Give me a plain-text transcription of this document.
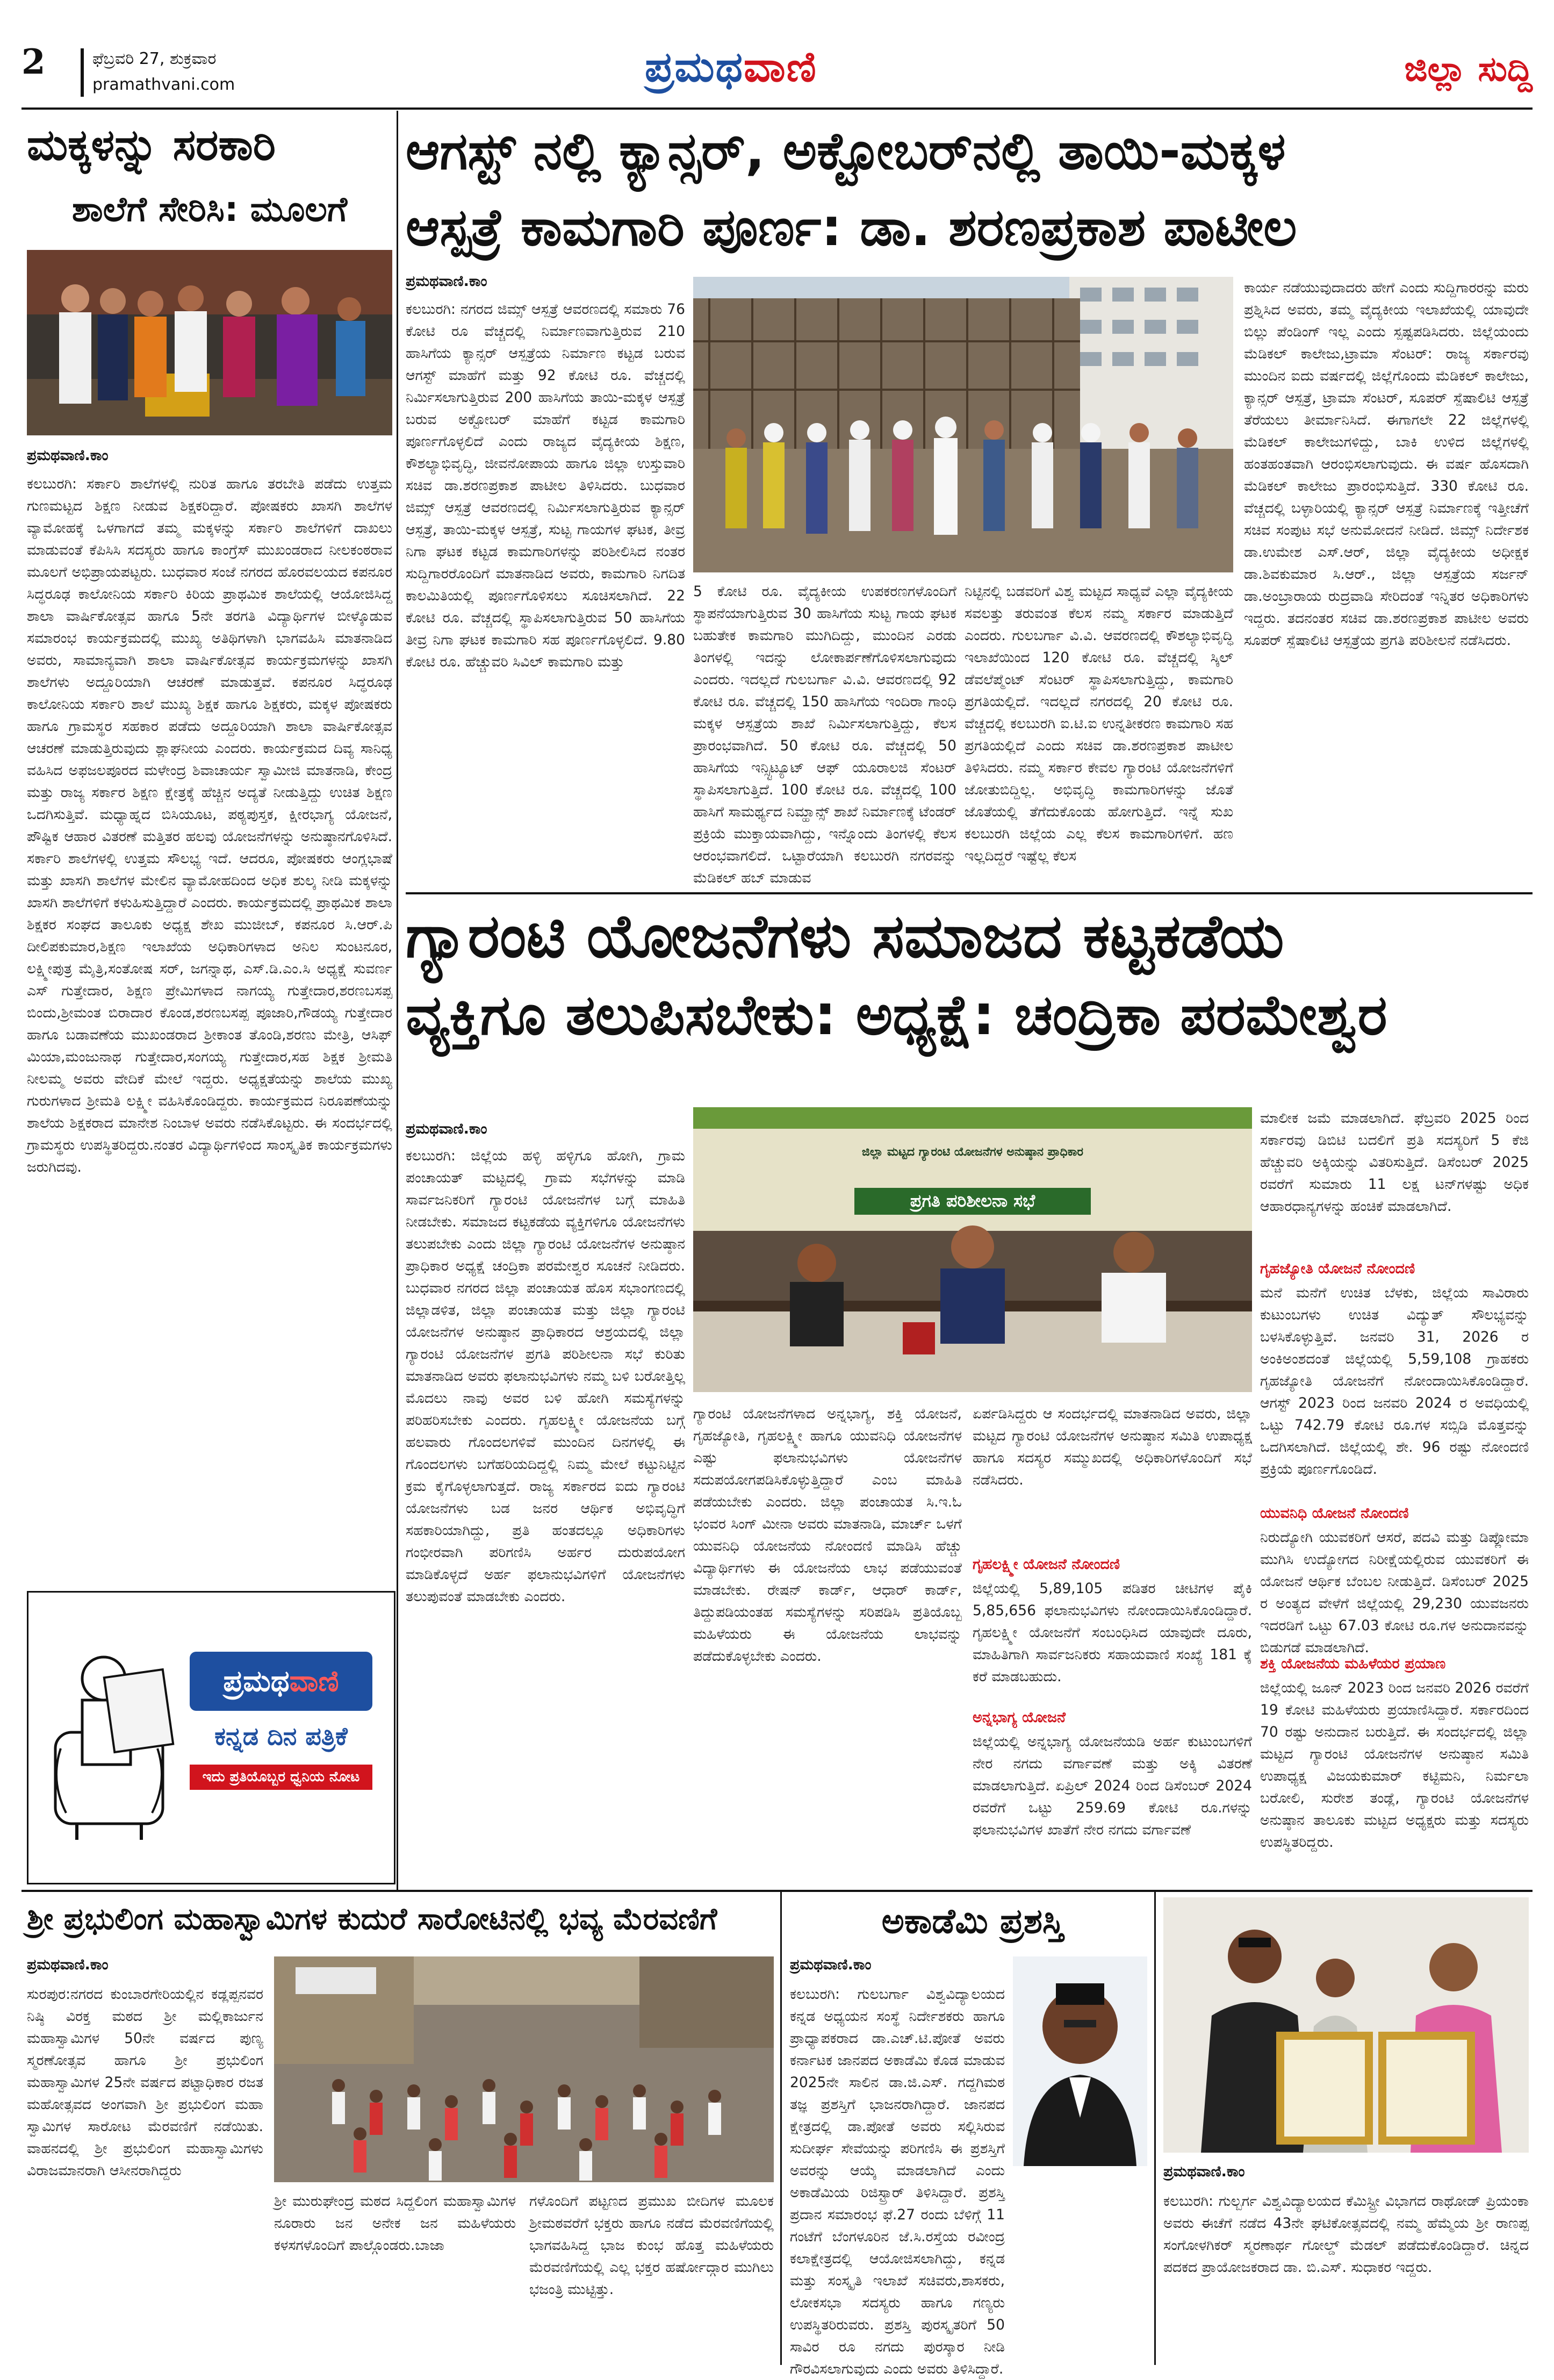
2	ಫೆಬ್ರವರಿ 27, ಶುಕ್ರವಾರ
pramathvani.com	ಪ್ರಮಥವಾಣಿ	ಜಿಲ್ಲಾ ಸುದ್ದಿ
ಮಕ್ಕಳನ್ನು ಸರಕಾರಿ
ಶಾಲೆಗೆ ಸೇರಿಸಿ: ಮೂಲಗೆ
ಪ್ರಮಥವಾಣಿ.ಕಾಂ
ಕಲಬುರಗಿ: ಸರ್ಕಾರಿ ಶಾಲೆಗಳಲ್ಲಿ ನುರಿತ ಹಾಗೂ ತರಬೇತಿ ಪಡೆದು ಉತ್ತಮ ಗುಣಮಟ್ಟದ ಶಿಕ್ಷಣ ನೀಡುವ ಶಿಕ್ಷಕರಿದ್ದಾರೆ. ಪೋಷಕರು ಖಾಸಗಿ ಶಾಲೆಗಳ ವ್ಯಾಮೋಹಕ್ಕೆ ಒಳಗಾಗದೆ ತಮ್ಮ ಮಕ್ಕಳನ್ನು ಸರ್ಕಾರಿ ಶಾಲೆಗಳಿಗೆ ದಾಖಲು ಮಾಡುವಂತೆ ಕೆಪಿಸಿಸಿ ಸದಸ್ಯರು ಹಾಗೂ ಕಾಂಗ್ರೆಸ್ ಮುಖಂಡರಾದ ನೀಲಕಂಠರಾವ ಮೂಲಗೆ ಅಭಿಪ್ರಾಯಪಟ್ಟರು. ಬುಧವಾರ ಸಂಜೆ ನಗರದ ಹೊರವಲಯದ ಕಪನೂರ ಸಿದ್ಧರೂಢ ಕಾಲೋನಿಯ ಸರ್ಕಾರಿ ಕಿರಿಯ ಪ್ರಾಥಮಿಕ ಶಾಲೆಯಲ್ಲಿ ಆಯೋಜಿಸಿದ್ದ ಶಾಲಾ ವಾರ್ಷಿಕೋತ್ಸವ ಹಾಗೂ 5ನೇ ತರಗತಿ ವಿದ್ಯಾರ್ಥಿಗಳ ಬೀಳ್ಕೊಡುವ ಸಮಾರಂಭ ಕಾರ್ಯಕ್ರಮದಲ್ಲಿ ಮುಖ್ಯ ಅತಿಥಿಗಳಾಗಿ ಭಾಗವಹಿಸಿ ಮಾತನಾಡಿದ ಅವರು, ಸಾಮಾನ್ಯವಾಗಿ ಶಾಲಾ ವಾರ್ಷಿಕೋತ್ಸವ ಕಾರ್ಯಕ್ರಮಗಳನ್ನು ಖಾಸಗಿ ಶಾಲೆಗಳು ಅದ್ದೂರಿಯಾಗಿ ಆಚರಣೆ ಮಾಡುತ್ತವೆ. ಕಪನೂರ ಸಿದ್ಧರೂಢ ಕಾಲೋನಿಯ ಸರ್ಕಾರಿ ಶಾಲೆ ಮುಖ್ಯ ಶಿಕ್ಷಕ ಹಾಗೂ ಶಿಕ್ಷಕರು, ಮಕ್ಕಳ ಪೋಷಕರು ಹಾಗೂ ಗ್ರಾಮಸ್ಥರ ಸಹಕಾರ ಪಡೆದು ಅದ್ದೂರಿಯಾಗಿ ಶಾಲಾ ವಾರ್ಷಿಕೋತ್ಸವ ಆಚರಣೆ ಮಾಡುತ್ತಿರುವುದು ಶ್ಲಾಘನೀಯ ಎಂದರು. ಕಾರ್ಯಕ್ರಮದ ದಿವ್ಯ ಸಾನಿಧ್ಯ ವಹಿಸಿದ ಅಫಜಲಪೂರದ ಮಳೇಂದ್ರ ಶಿವಾಚಾರ್ಯ ಸ್ವಾಮೀಜಿ ಮಾತನಾಡಿ, ಕೇಂದ್ರ ಮತ್ತು ರಾಜ್ಯ ಸರ್ಕಾರ ಶಿಕ್ಷಣ ಕ್ಷೇತ್ರಕ್ಕೆ ಹೆಚ್ಚಿನ ಅದ್ಯತೆ ನೀಡುತ್ತಿದ್ದು ಉಚಿತ ಶಿಕ್ಷಣ ಒದಗಿಸುತ್ತಿವೆ. ಮಧ್ಯಾಹ್ನದ ಬಿಸಿಯೂಟ, ಪಠ್ಯಪುಸ್ತಕ, ಕ್ಷೀರಭಾಗ್ಯ ಯೋಜನೆ, ಪೌಷ್ಟಿಕ ಆಹಾರ ವಿತರಣೆ ಮತ್ತಿತರ ಹಲವು ಯೋಜನೆಗಳನ್ನು ಅನುಷ್ಠಾನಗೊಳಿಸಿದೆ. ಸರ್ಕಾರಿ ಶಾಲೆಗಳಲ್ಲಿ ಉತ್ತಮ ಸೌಲಭ್ಯ ಇದೆ. ಆದರೂ, ಪೋಷಕರು ಆಂಗ್ಲಭಾಷೆ ಮತ್ತು ಖಾಸಗಿ ಶಾಲೆಗಳ ಮೇಲಿನ ವ್ಯಾಮೋಹದಿಂದ ಅಧಿಕ ಶುಲ್ಕ ನೀಡಿ ಮಕ್ಕಳನ್ನು ಖಾಸಗಿ ಶಾಲೆಗಳಿಗೆ ಕಳುಹಿಸುತ್ತಿದ್ದಾರೆ ಎಂದರು. ಕಾರ್ಯಕ್ರಮದಲ್ಲಿ ಪ್ರಾಥಮಿಕ ಶಾಲಾ ಶಿಕ್ಷಕರ ಸಂಘದ ತಾಲೂಕು ಅಧ್ಯಕ್ಷ ಶೇಖ ಮುಜೀಬ್, ಕಪನೂರ ಸಿ.ಆರ್.ಪಿ ದೀಲಿಪಕುಮಾರ,ಶಿಕ್ಷಣ ಇಲಾಖೆಯ ಅಧಿಕಾರಿಗಳಾದ ಅನಿಲ ಸುಂಟನೂರ, ಲಕ್ಷ್ಮೀಪುತ್ರ ಮೈತ್ರಿ,ಸಂತೋಷ ಸರ್, ಜಗನ್ನಾಥ, ಎಸ್.ಡಿ.ಎಂ.ಸಿ ಅಧ್ಯಕ್ಷೆ ಸುವರ್ಣ ಎಸ್ ಗುತ್ತೇದಾರ, ಶಿಕ್ಷಣ ಪ್ರೇಮಿಗಳಾದ ನಾಗಯ್ಯ ಗುತ್ತೇದಾರ,ಶರಣಬಸಪ್ಪ ಬಿಂದು,ಶ್ರೀಮಂತ ಬಿರಾದಾರ ಕೊಂಡ,ಶರಣಬಸಪ್ಪ ಪೂಜಾರಿ,ಗೌಡಯ್ಯ ಗುತ್ತೇದಾರ ಹಾಗೂ ಬಡಾವಣೆಯ ಮುಖಂಡರಾದ ಶ್ರೀಕಾಂತ ತೊಂಡಿ,ಶರಣು ಮೇತ್ರಿ, ಆಸಿಫ್ ಮಿಯಾ,ಮಂಜುನಾಥ ಗುತ್ತೇದಾರ,ಸಂಗಯ್ಯ ಗುತ್ತೇದಾರ,ಸಹ ಶಿಕ್ಷಕ ಶ್ರೀಮತಿ ನೀಲಮ್ಮ ಅವರು ವೇದಿಕೆ ಮೇಲೆ ಇದ್ದರು. ಅಧ್ಯಕ್ಷತೆಯನ್ನು ಶಾಲೆಯ ಮುಖ್ಯ ಗುರುಗಳಾದ ಶ್ರೀಮತಿ ಲಕ್ಷ್ಮೀ ವಹಿಸಿಕೊಂಡಿದ್ದರು. ಕಾರ್ಯಕ್ರಮದ ನಿರೂಪಣೆಯನ್ನು ಶಾಲೆಯ ಶಿಕ್ಷಕರಾದ ಮಾನೇಶ ನಿಂಬಾಳ ಅವರು ನಡೆಸಿಕೊಟ್ಟರು. ಈ ಸಂದರ್ಭದಲ್ಲಿ ಗ್ರಾಮಸ್ಥರು ಉಪಸ್ಥಿತರಿದ್ದರು.ನಂತರ ವಿದ್ಯಾರ್ಥಿಗಳಿಂದ ಸಾಂಸ್ಕೃತಿಕ ಕಾರ್ಯಕ್ರಮಗಳು ಜರುಗಿದವು.
ಪ್ರಮಥವಾಣಿ
ಕನ್ನಡ ದಿನ ಪತ್ರಿಕೆ
ಇದು ಪ್ರತಿಯೊಬ್ಬರ ಧ್ವನಿಯ ನೋಟ
ಆಗಸ್ಟ್ ನಲ್ಲಿ ಕ್ಯಾನ್ಸರ್, ಅಕ್ಟೋಬರ್‌ನಲ್ಲಿ ತಾಯಿ-ಮಕ್ಕಳ
ಆಸ್ಪತ್ರೆ ಕಾಮಗಾರಿ ಪೂರ್ಣ: ಡಾ. ಶರಣಪ್ರಕಾಶ ಪಾಟೀಲ
ಪ್ರಮಥವಾಣಿ.ಕಾಂ
ಕಲಬುರಗಿ: ನಗರದ ಜಿಮ್ಸ್ ಆಸ್ಪತ್ರೆ ಆವರಣದಲ್ಲಿ ಸಮಾರು 76 ಕೋಟಿ ರೂ ವೆಚ್ಚದಲ್ಲಿ ನಿರ್ಮಾಣವಾಗುತ್ತಿರುವ 210 ಹಾಸಿಗೆಯ ಕ್ಯಾನ್ಸರ್ ಆಸ್ಪತ್ರೆಯ ನಿರ್ಮಾಣ ಕಟ್ಟಡ ಬರುವ ಆಗಸ್ಟ್ ಮಾಹೆಗೆ ಮತ್ತು 92 ಕೋಟಿ ರೂ. ವೆಚ್ಚದಲ್ಲಿ ನಿರ್ಮಿಸಲಾಗುತ್ತಿರುವ 200 ಹಾಸಿಗೆಯ ತಾಯಿ-ಮಕ್ಕಳ ಆಸ್ಪತ್ರೆ ಬರುವ ಅಕ್ಟೋಬರ್ ಮಾಹೆಗೆ ಕಟ್ಟಡ ಕಾಮಗಾರಿ ಪೂರ್ಣಗೊಳ್ಳಲಿದೆ ಎಂದು ರಾಜ್ಯದ ವೈದ್ಯಕೀಯ ಶಿಕ್ಷಣ, ಕೌಶಲ್ಯಾಭಿವೃದ್ಧಿ, ಜೀವನೋಪಾಯ ಹಾಗೂ ಜಿಲ್ಲಾ ಉಸ್ತುವಾರಿ ಸಚಿವ ಡಾ.ಶರಣಪ್ರಕಾಶ ಪಾಟೀಲ ತಿಳಿಸಿದರು. ಬುಧವಾರ ಜಿಮ್ಸ್ ಆಸ್ಪತ್ರೆ ಆವರಣದಲ್ಲಿ ನಿರ್ಮಿಸಲಾಗುತ್ತಿರುವ ಕ್ಯಾನ್ಸರ್ ಆಸ್ಪತ್ರೆ, ತಾಯಿ-ಮಕ್ಕಳ ಆಸ್ಪತ್ರೆ, ಸುಟ್ಟ ಗಾಯಗಳ ಘಟಕ, ತೀವ್ರ ನಿಗಾ ಘಟಕ ಕಟ್ಟಡ ಕಾಮಗಾರಿಗಳನ್ನು ಪರಿಶೀಲಿಸಿದ ನಂತರ ಸುದ್ದಿಗಾರರೊಂದಿಗೆ ಮಾತನಾಡಿದ ಅವರು, ಕಾಮಗಾರಿ ನಿಗದಿತ ಕಾಲಮಿತಿಯಲ್ಲಿ ಪೂರ್ಣಗೊಳಿಸಲು ಸೂಚಿಸಲಾಗಿದೆ. 22 ಕೋಟಿ ರೂ. ವೆಚ್ಚದಲ್ಲಿ ಸ್ಥಾಪಿಸಲಾಗುತ್ತಿರುವ 50 ಹಾಸಿಗೆಯ ತೀವ್ರ ನಿಗಾ ಘಟಕ ಕಾಮಗಾರಿ ಸಹ ಪೂರ್ಣಗೊಳ್ಳಲಿದೆ. 9.80 ಕೋಟಿ ರೂ. ಹೆಚ್ಚುವರಿ ಸಿವಿಲ್ ಕಾಮಗಾರಿ ಮತ್ತು
5 ಕೋಟಿ ರೂ. ವೈದ್ಯಕೀಯ ಉಪಕರಣಗಳೊಂದಿಗೆ ಸ್ಥಾಪನೆಯಾಗುತ್ತಿರುವ 30 ಹಾಸಿಗೆಯ ಸುಟ್ಟ ಗಾಯ ಘಟಕ ಬಹುತೇಕ ಕಾಮಗಾರಿ ಮುಗಿದಿದ್ದು, ಮುಂದಿನ ಎರಡು ತಿಂಗಳಲ್ಲಿ ಇದನ್ನು ಲೋಕಾರ್ಪಣೆಗೊಳಿಸಲಾಗುವುದು ಎಂದರು. ಇದಲ್ಲದೆ ಗುಲಬರ್ಗಾ ವಿ.ವಿ. ಆವರಣದಲ್ಲಿ 92 ಕೋಟಿ ರೂ. ವೆಚ್ಚದಲ್ಲಿ 150 ಹಾಸಿಗೆಯ ಇಂದಿರಾ ಗಾಂಧಿ ಮಕ್ಕಳ ಆಸ್ಪತ್ರೆಯ ಶಾಖೆ ನಿರ್ಮಿಸಲಾಗುತ್ತಿದ್ದು, ಕೆಲಸ ಪ್ರಾರಂಭವಾಗಿದೆ. 50 ಕೋಟಿ ರೂ. ವೆಚ್ಚದಲ್ಲಿ 50 ಹಾಸಿಗೆಯ ಇನ್ಸ್ಟಿಟ್ಯೂಟ್ ಆಫ್ ಯೂರಾಲಜಿ ಸೆಂಟರ್ ಸ್ಥಾಪಿಸಲಾಗುತ್ತಿದೆ. 100 ಕೋಟಿ ರೂ. ವೆಚ್ಚದಲ್ಲಿ 100 ಹಾಸಿಗೆ ಸಾಮರ್ಥ್ಯದ ನಿಮ್ಹಾನ್ಸ್ ಶಾಖೆ ನಿರ್ಮಾಣಕ್ಕೆ ಟೆಂಡರ್ ಪ್ರಕ್ರಿಯೆ ಮುಕ್ತಾಯವಾಗಿದ್ದು, ಇನ್ನೊಂದು ತಿಂಗಳಲ್ಲಿ ಕೆಲಸ ಆರಂಭವಾಗಲಿದೆ. ಒಟ್ಟಾರೆಯಾಗಿ ಕಲಬುರಗಿ ನಗರವನ್ನು ಮೆಡಿಕಲ್ ಹಬ್ ಮಾಡುವ
ನಿಟ್ಟಿನಲ್ಲಿ ಬಡವರಿಗೆ ವಿಶ್ವ ಮಟ್ಟದ ಸಾಧ್ಯವೆ ಎಲ್ಲಾ ವೈದ್ಯಕೀಯ ಸವಲತ್ತು ತರುವಂತ ಕೆಲಸ ನಮ್ಮ ಸರ್ಕಾರ ಮಾಡುತ್ತಿದೆ ಎಂದರು. ಗುಲಬರ್ಗಾ ವಿ.ವಿ. ಆವರಣದಲ್ಲಿ ಕೌಶಲ್ಯಾಭಿವೃದ್ಧಿ ಇಲಾಖೆಯಿಂದ 120 ಕೋಟಿ ರೂ. ವೆಚ್ಚದಲ್ಲಿ ಸ್ಕಿಲ್ ಡೆವಲೆಪ್ಮೆಂಟ್ ಸೆಂಟರ್ ಸ್ಥಾಪಿಸಲಾಗುತ್ತಿದ್ದು, ಕಾಮಗಾರಿ ಪ್ರಗತಿಯಲ್ಲಿದೆ. ಇದಲ್ಲದೆ ನಗರದಲ್ಲಿ 20 ಕೋಟಿ ರೂ. ವೆಚ್ಚದಲ್ಲಿ ಕಲಬುರಗಿ ಐ.ಟಿ.ಐ ಉನ್ನತೀಕರಣ ಕಾಮಗಾರಿ ಸಹ ಪ್ರಗತಿಯಲ್ಲಿದೆ ಎಂದು ಸಚಿವ ಡಾ.ಶರಣಪ್ರಕಾಶ ಪಾಟೀಲ ತಿಳಿಸಿದರು. ನಮ್ಮ ಸರ್ಕಾರ ಕೇವಲ ಗ್ಯಾರಂಟಿ ಯೋಜನೆಗಳಿಗೆ ಜೋತುಬಿದ್ದಿಲ್ಲ. ಅಭಿವೃದ್ಧಿ ಕಾಮಗಾರಿಗಳನ್ನು ಜೊತೆ ಜೊತೆಯಲ್ಲಿ ತೆಗೆದುಕೊಂಡು ಹೋಗುತ್ತಿದೆ. ಇನ್ನೆ ಸುಖ ಕಲಬುರಗಿ ಜಿಲ್ಲೆಯ ಎಲ್ಲ ಕೆಲಸ ಕಾಮಗಾರಿಗಳಿಗೆ. ಹಣ ಇಲ್ಲದಿದ್ದರೆ ಇಷ್ಟೆಲ್ಲ ಕೆಲಸ
ಕಾರ್ಯ ನಡೆಯುವುದಾದರು ಹೇಗೆ ಎಂದು ಸುದ್ದಿಗಾರರನ್ನು ಮರು ಪ್ರಶ್ನಿಸಿದ ಅವರು, ತಮ್ಮ ವೈದ್ಯಕೀಯ ಇಲಾಖೆಯಲ್ಲಿ ಯಾವುದೇ ಬಿಲ್ಲು ಪೆಂಡಿಂಗ್ ಇಲ್ಲ ಎಂದು ಸ್ಪಷ್ಟಪಡಿಸಿದರು. ಜಿಲ್ಲೆಯಂದು ಮೆಡಿಕಲ್ ಕಾಲೇಜು,ಟ್ರಾಮಾ ಸೆಂಟರ್: ರಾಜ್ಯ ಸರ್ಕಾರವು ಮುಂದಿನ ಐದು ವರ್ಷದಲ್ಲಿ ಜಿಲ್ಲೆಗೊಂದು ಮೆಡಿಕಲ್ ಕಾಲೇಜು, ಕ್ಯಾನ್ಸರ್ ಆಸ್ಪತ್ರೆ, ಟ್ರಾಮಾ ಸೆಂಟರ್, ಸೂಪರ್ ಸ್ಪೆಷಾಲಿಟಿ ಆಸ್ಪತ್ರೆ ತೆರೆಯಲು ತೀರ್ಮಾನಿಸಿದೆ. ಈಗಾಗಲೇ 22 ಜಿಲ್ಲೆಗಳಲ್ಲಿ ಮೆಡಿಕಲ್ ಕಾಲೇಜುಗಳಿದ್ದು, ಬಾಕಿ ಉಳಿದ ಜಿಲ್ಲೆಗಳಲ್ಲಿ ಹಂತಹಂತವಾಗಿ ಆರಂಭಿಸಲಾಗುವುದು. ಈ ವರ್ಷ ಹೊಸದಾಗಿ ಮೆಡಿಕಲ್ ಕಾಲೇಜು ಪ್ರಾರಂಭಿಸುತ್ತಿದೆ. 330 ಕೋಟಿ ರೂ. ವೆಚ್ಚದಲ್ಲಿ ಬಳ್ಳಾರಿಯಲ್ಲಿ ಕ್ಯಾನ್ಸರ್ ಆಸ್ಪತ್ರೆ ನಿರ್ಮಾಣಕ್ಕೆ ಇತ್ತೀಚೆಗೆ ಸಚಿವ ಸಂಪುಟ ಸಭೆ ಅನುಮೋದನೆ ನೀಡಿದೆ. ಜಿಮ್ಸ್ ನಿರ್ದೇಶಕ ಡಾ.ಉಮೇಶ ಎಸ್.ಆರ್, ಜಿಲ್ಲಾ ವೈದ್ಯಕೀಯ ಅಧೀಕ್ಷಕ ಡಾ.ಶಿವಕುಮಾರ ಸಿ.ಆರ್., ಜಿಲ್ಲಾ ಆಸ್ಪತ್ರೆಯ ಸರ್ಜನ್ ಡಾ.ಅಂಬ್ರಾರಾಯ ರುದ್ರವಾಡಿ ಸೇರಿದಂತೆ ಇನ್ನಿತರ ಅಧಿಕಾರಿಗಳು ಇದ್ದರು. ತದನಂತರ ಸಚಿವ ಡಾ.ಶರಣಪ್ರಕಾಶ ಪಾಟೀಲ ಅವರು ಸೂಪರ್ ಸ್ಪೆಷಾಲಿಟಿ ಆಸ್ಪತ್ರೆಯ ಪ್ರಗತಿ ಪರಿಶೀಲನೆ ನಡೆಸಿದರು.
ಗ್ಯಾರಂಟಿ ಯೋಜನೆಗಳು ಸಮಾಜದ ಕಟ್ಟಕಡೆಯ
ವ್ಯಕ್ತಿಗೂ ತಲುಪಿಸಬೇಕು: ಅಧ್ಯಕ್ಷೆ: ಚಂದ್ರಿಕಾ ಪರಮೇಶ್ವರ
ಪ್ರಮಥವಾಣಿ.ಕಾಂ
ಕಲಬುರಗಿ: ಜಿಲ್ಲೆಯ ಹಳ್ಳಿ ಹಳ್ಳಿಗೂ ಹೋಗಿ, ಗ್ರಾಮ ಪಂಚಾಯತ್ ಮಟ್ಟದಲ್ಲಿ ಗ್ರಾಮ ಸಭೆಗಳನ್ನು ಮಾಡಿ ಸಾರ್ವಜನಿಕರಿಗೆ ಗ್ಯಾರಂಟಿ ಯೋಜನೆಗಳ ಬಗ್ಗೆ ಮಾಹಿತಿ ನೀಡಬೇಕು. ಸಮಾಜದ ಕಟ್ಟಕಡೆಯ ವ್ಯಕ್ತಿಗಳಿಗೂ ಯೋಜನೆಗಳು ತಲುಪಬೇಕು ಎಂದು ಜಿಲ್ಲಾ ಗ್ಯಾರಂಟಿ ಯೋಜನೆಗಳ ಅನುಷ್ಠಾನ ಪ್ರಾಧಿಕಾರ ಅಧ್ಯಕ್ಷೆ ಚಂದ್ರಿಕಾ ಪರಮೇಶ್ವರ ಸೂಚನೆ ನೀಡಿದರು. ಬುಧವಾರ ನಗರದ ಜಿಲ್ಲಾ ಪಂಚಾಯತ ಹೊಸ ಸಭಾಂಗಣದಲ್ಲಿ ಜಿಲ್ಲಾಡಳಿತ, ಜಿಲ್ಲಾ ಪಂಚಾಯತ ಮತ್ತು ಜಿಲ್ಲಾ ಗ್ಯಾರಂಟಿ ಯೋಜನೆಗಳ ಅನುಷ್ಠಾನ ಪ್ರಾಧಿಕಾರದ ಆಶ್ರಯದಲ್ಲಿ ಜಿಲ್ಲಾ ಗ್ಯಾರಂಟಿ ಯೋಜನೆಗಳ ಪ್ರಗತಿ ಪರಿಶೀಲನಾ ಸಭೆ ಕುರಿತು ಮಾತನಾಡಿದ ಅವರು ಫಲಾನುಭವಿಗಳು ನಮ್ಮ ಬಳಿ ಬರೋತ್ತಿಲ್ಲ ಮೊದಲು ನಾವು ಅವರ ಬಳಿ ಹೋಗಿ ಸಮಸ್ಯೆಗಳನ್ನು ಪರಿಹರಿಸಬೇಕು ಎಂದರು. ಗೃಹಲಕ್ಷ್ಮೀ ಯೋಜನೆಯ ಬಗ್ಗೆ ಹಲವಾರು ಗೊಂದಲಗಳಿವೆ ಮುಂದಿನ ದಿನಗಳಲ್ಲಿ ಈ ಗೊಂದಲಗಳು ಬಗೆಹರಿಯದಿದ್ದಲ್ಲಿ ನಿಮ್ಮ ಮೇಲೆ ಕಟ್ಟುನಿಟ್ಟಿನ ಕ್ರಮ ಕೈಗೊಳ್ಳಲಾಗುತ್ತದೆ. ರಾಜ್ಯ ಸರ್ಕಾರದ ಐದು ಗ್ಯಾರಂಟಿ ಯೋಜನೆಗಳು ಬಡ ಜನರ ಆರ್ಥಿಕ ಅಭಿವೃದ್ಧಿಗೆ ಸಹಕಾರಿಯಾಗಿದ್ದು, ಪ್ರತಿ ಹಂತದಲ್ಲೂ ಅಧಿಕಾರಿಗಳು ಗಂಭೀರವಾಗಿ ಪರಿಗಣಿಸಿ ಅರ್ಹರ ದುರುಪಯೋಗ ಮಾಡಿಕೊಳ್ಳದೆ ಅರ್ಹ ಫಲಾನುಭವಿಗಳಿಗೆ ಯೋಜನೆಗಳು ತಲುಪುವಂತೆ ಮಾಡಬೇಕು ಎಂದರು.
ಪ್ರಗತಿ ಪರಿಶೀಲನಾ ಸಭೆ
ಜಿಲ್ಲಾ ಮಟ್ಟದ ಗ್ಯಾರಂಟಿ ಯೋಜನೆಗಳ ಅನುಷ್ಠಾನ ಪ್ರಾಧಿಕಾರ
ಗ್ಯಾರಂಟಿ ಯೋಜನೆಗಳಾದ ಅನ್ನಭಾಗ್ಯ, ಶಕ್ತಿ ಯೋಜನೆ, ಗೃಹಜ್ಯೋತಿ, ಗೃಹಲಕ್ಷ್ಮೀ ಹಾಗೂ ಯುವನಿಧಿ ಯೋಜನೆಗಳ ಎಷ್ಟು ಫಲಾನುಭವಿಗಳು ಯೋಜನೆಗಳ ಸದುಪಯೋಗಪಡಿಸಿಕೊಳ್ಳುತ್ತಿದ್ದಾರೆ ಎಂಬ ಮಾಹಿತಿ ಪಡೆಯಬೇಕು ಎಂದರು. ಜಿಲ್ಲಾ ಪಂಚಾಯತ ಸಿ.ಇ.ಓ ಭಂವರ ಸಿಂಗ್ ಮೀನಾ ಅವರು ಮಾತನಾಡಿ, ಮಾರ್ಚ್ ಒಳಗೆ ಯುವನಿಧಿ ಯೋಜನೆಯ ನೋಂದಣಿ ಮಾಡಿಸಿ ಹೆಚ್ಚು ವಿದ್ಯಾರ್ಥಿಗಳು ಈ ಯೋಜನೆಯ ಲಾಭ ಪಡೆಯುವಂತೆ ಮಾಡಬೇಕು. ರೇಷನ್ ಕಾರ್ಡ್, ಆಧಾರ್ ಕಾರ್ಡ್, ತಿದ್ದುಪಡಿಯಂತಹ ಸಮಸ್ಯೆಗಳನ್ನು ಸರಿಪಡಿಸಿ ಪ್ರತಿಯೊಬ್ಬ ಮಹಿಳೆಯರು ಈ ಯೋಜನೆಯ ಲಾಭವನ್ನು ಪಡೆದುಕೊಳ್ಳಬೇಕು ಎಂದರು.
ಏರ್ಪಡಿಸಿದ್ದರು ಆ ಸಂದರ್ಭದಲ್ಲಿ ಮಾತನಾಡಿದ ಅವರು, ಜಿಲ್ಲಾ ಮಟ್ಟದ ಗ್ಯಾರಂಟಿ ಯೋಜನೆಗಳ ಅನುಷ್ಠಾನ ಸಮಿತಿ ಉಪಾಧ್ಯಕ್ಷ ಹಾಗೂ ಸದಸ್ಯರ ಸಮ್ಮುಖದಲ್ಲಿ ಅಧಿಕಾರಿಗಳೊಂದಿಗೆ ಸಭೆ ನಡೆಸಿದರು.
ಗೃಹಲಕ್ಷ್ಮೀ ಯೋಜನೆ ನೋಂದಣಿ
ಜಿಲ್ಲೆಯಲ್ಲಿ 5,89,105 ಪಡಿತರ ಚೀಟಿಗಳ ಪೈಕಿ 5,85,656 ಫಲಾನುಭವಿಗಳು ನೋಂದಾಯಿಸಿಕೊಂಡಿದ್ದಾರೆ. ಗೃಹಲಕ್ಷ್ಮೀ ಯೋಜನೆಗೆ ಸಂಬಂಧಿಸಿದ ಯಾವುದೇ ದೂರು, ಮಾಹಿತಿಗಾಗಿ ಸಾರ್ವಜನಿಕರು ಸಹಾಯವಾಣಿ ಸಂಖ್ಯೆ 181 ಕ್ಕೆ ಕರೆ ಮಾಡಬಹುದು.
ಅನ್ನಭಾಗ್ಯ ಯೋಜನೆ
ಜಿಲ್ಲೆಯಲ್ಲಿ ಅನ್ನಭಾಗ್ಯ ಯೋಜನೆಯಡಿ ಅರ್ಹ ಕುಟುಂಬಗಳಿಗೆ ನೇರ ನಗದು ವರ್ಗಾವಣೆ ಮತ್ತು ಅಕ್ಕಿ ವಿತರಣೆ ಮಾಡಲಾಗುತ್ತಿದೆ. ಏಪ್ರಿಲ್ 2024 ರಿಂದ ಡಿಸೆಂಬರ್ 2024 ರವರೆಗೆ ಒಟ್ಟು 259.69 ಕೋಟಿ ರೂ.ಗಳನ್ನು ಫಲಾನುಭವಿಗಳ ಖಾತೆಗೆ ನೇರ ನಗದು ವರ್ಗಾವಣೆ
ಮಾಲೀಕ ಜಮೆ ಮಾಡಲಾಗಿದೆ. ಫೆಬ್ರವರಿ 2025 ರಿಂದ ಸರ್ಕಾರವು ಡಿಬಿಟಿ ಬದಲಿಗೆ ಪ್ರತಿ ಸದಸ್ಯರಿಗೆ 5 ಕೆಜಿ ಹೆಚ್ಚುವರಿ ಅಕ್ಕಿಯನ್ನು ವಿತರಿಸುತ್ತಿದೆ. ಡಿಸೆಂಬರ್ 2025 ರವರೆಗೆ ಸುಮಾರು 11 ಲಕ್ಷ ಟನ್‌ಗಳಷ್ಟು ಅಧಿಕ ಆಹಾರಧಾನ್ಯಗಳನ್ನು ಹಂಚಿಕೆ ಮಾಡಲಾಗಿದೆ.
ಗೃಹಜ್ಯೋತಿ ಯೋಜನೆ ನೋಂದಣಿ
ಮನೆ ಮನೆಗೆ ಉಚಿತ ಬೆಳಕು, ಜಿಲ್ಲೆಯ ಸಾವಿರಾರು ಕುಟುಂಬಗಳು ಉಚಿತ ವಿದ್ಯುತ್ ಸೌಲಭ್ಯವನ್ನು ಬಳಸಿಕೊಳ್ಳುತ್ತಿವೆ. ಜನವರಿ 31, 2026 ರ ಅಂಕಿಅಂಶದಂತೆ ಜಿಲ್ಲೆಯಲ್ಲಿ 5,59,108 ಗ್ರಾಹಕರು ಗೃಹಜ್ಯೋತಿ ಯೋಜನೆಗೆ ನೋಂದಾಯಿಸಿಕೊಂಡಿದ್ದಾರೆ. ಆಗಸ್ಟ್ 2023 ರಿಂದ ಜನವರಿ 2024 ರ ಅವಧಿಯಲ್ಲಿ ಒಟ್ಟು 742.79 ಕೋಟಿ ರೂ.ಗಳ ಸಬ್ಸಿಡಿ ಮೊತ್ತವನ್ನು ಒದಗಿಸಲಾಗಿದೆ. ಜಿಲ್ಲೆಯಲ್ಲಿ ಶೇ. 96 ರಷ್ಟು ನೋಂದಣಿ ಪ್ರಕ್ರಿಯೆ ಪೂರ್ಣಗೊಂಡಿದೆ.
ಯುವನಿಧಿ ಯೋಜನೆ ನೋಂದಣಿ
ನಿರುದ್ಯೋಗಿ ಯುವಕರಿಗೆ ಆಸರೆ, ಪದವಿ ಮತ್ತು ಡಿಪ್ಲೋಮಾ ಮುಗಿಸಿ ಉದ್ಯೋಗದ ನಿರೀಕ್ಷೆಯಲ್ಲಿರುವ ಯುವಕರಿಗೆ ಈ ಯೋಜನೆ ಆರ್ಥಿಕ ಬೆಂಬಲ ನೀಡುತ್ತಿದೆ. ಡಿಸೆಂಬರ್ 2025 ರ ಅಂತ್ಯದ ವೇಳೆಗೆ ಜಿಲ್ಲೆಯಲ್ಲಿ 29,230 ಯುವಜನರು ಇದರಡಿಗೆ ಒಟ್ಟು 67.03 ಕೋಟಿ ರೂ.ಗಳ ಅನುದಾನವನ್ನು ಬಿಡುಗಡೆ ಮಾಡಲಾಗಿದೆ.
ಶಕ್ತಿ ಯೋಜನೆಯ ಮಹಿಳೆಯರ ಪ್ರಯಾಣ
ಜಿಲ್ಲೆಯಲ್ಲಿ ಜೂನ್ 2023 ರಿಂದ ಜನವರಿ 2026 ರವರೆಗೆ 19 ಕೋಟಿ ಮಹಿಳೆಯರು ಪ್ರಯಾಣಿಸಿದ್ದಾರೆ. ಸರ್ಕಾರದಿಂದ 70 ರಷ್ಟು ಅನುದಾನ ಬರುತ್ತಿದೆ. ಈ ಸಂದರ್ಭದಲ್ಲಿ ಜಿಲ್ಲಾ ಮಟ್ಟದ ಗ್ಯಾರಂಟಿ ಯೋಜನೆಗಳ ಅನುಷ್ಠಾನ ಸಮಿತಿ ಉಪಾಧ್ಯಕ್ಷ ವಿಜಯಕುಮಾರ್ ಕಟ್ಟಿಮನಿ, ನಿರ್ಮಲಾ ಬರೋಲಿ, ಸುರೇಶ ತಂಡ್ಲೆ, ಗ್ಯಾರಂಟಿ ಯೋಜನೆಗಳ ಅನುಷ್ಠಾನ ತಾಲೂಕು ಮಟ್ಟದ ಅಧ್ಯಕ್ಷರು ಮತ್ತು ಸದಸ್ಯರು ಉಪಸ್ಥಿತರಿದ್ದರು.
ಶ್ರೀ ಪ್ರಭುಲಿಂಗ ಮಹಾಸ್ವಾಮಿಗಳ ಕುದುರೆ ಸಾರೋಟಿನಲ್ಲಿ ಭವ್ಯ ಮೆರವಣಿಗೆ
ಪ್ರಮಥವಾಣಿ.ಕಾಂ
ಸುರಪುರ:ನಗರದ ಕುಂಬಾರಗೇರಿಯಲ್ಲಿನ ಕಡ್ಲಪ್ಪನವರ ನಿಷ್ಠಿ ವಿರಕ್ತ ಮಠದ ಶ್ರೀ ಮಲ್ಲಿಕಾರ್ಜುನ ಮಹಾಸ್ವಾಮಿಗಳ 50ನೇ ವರ್ಷದ ಪುಣ್ಯ ಸ್ಮರಣೋತ್ಸವ ಹಾಗೂ ಶ್ರೀ ಪ್ರಭುಲಿಂಗ ಮಹಾಸ್ವಾಮಿಗಳ 25ನೇ ವರ್ಷದ ಪಟ್ಟಾಧಿಕಾರ ರಜತ ಮಹೋತ್ಸವದ ಅಂಗವಾಗಿ ಶ್ರೀ ಪ್ರಭುಲಿಂಗ ಮಹಾ ಸ್ವಾಮಿಗಳ ಸಾರೋಟ ಮೆರವಣಿಗೆ ನಡೆಯಿತು. ವಾಹನದಲ್ಲಿ ಶ್ರೀ ಪ್ರಭುಲಿಂಗ ಮಹಾಸ್ವಾಮಿಗಳು ವಿರಾಜಮಾನರಾಗಿ ಆಸೀನರಾಗಿದ್ದರು
ಶ್ರೀ ಮುರುಘೇಂದ್ರ ಮಠದ ಸಿದ್ದಲಿಂಗ ಮಹಾಸ್ವಾಮಿಗಳ ನೂರಾರು ಜನ ಅನೇಕ ಜನ ಮಹಿಳೆಯರು ಕಳಸಗಳೊಂದಿಗೆ ಪಾಲ್ಗೊಂಡರು.ಬಾಜಾ
ಗಳೊಂದಿಗೆ ಪಟ್ಟಣದ ಪ್ರಮುಖ ಬೀದಿಗಳ ಮೂಲಕ ಶ್ರೀಮಠವರೆಗೆ ಭಕ್ತರು ಹಾಗೂ ನಡೆದ ಮೆರವಣಿಗೆಯಲ್ಲಿ ಭಾಗವಹಿಸಿದ್ದ ಭಾಜ ಕುಂಭ ಹೊತ್ತ ಮಹಿಳೆಯರು ಮೆರವಣಿಗೆಯಲ್ಲಿ ಎಲ್ಲ ಭಕ್ತರ ಹರ್ಷೋದ್ಗಾರ ಮುಗಿಲು ಭಜಂತ್ರಿ ಮುಟ್ಟಿತ್ತು.
ಅಕಾಡೆಮಿ ಪ್ರಶಸ್ತಿ
ಪ್ರಮಥವಾಣಿ.ಕಾಂ
ಕಲಬುರಗಿ: ಗುಲಬರ್ಗಾ ವಿಶ್ವವಿದ್ಯಾಲಯದ ಕನ್ನಡ ಅಧ್ಯಯನ ಸಂಸ್ಥೆ ನಿರ್ದೇಶಕರು ಹಾಗೂ ಪ್ರಾಧ್ಯಾಪಕರಾದ ಡಾ.ಎಚ್.ಟಿ.ಪೋತೆ ಅವರು ಕರ್ನಾಟಕ ಜಾನಪದ ಅಕಾಡೆಮಿ ಕೊಡ ಮಾಡುವ 2025ನೇ ಸಾಲಿನ ಡಾ.ಜಿ.ಎಸ್. ಗದ್ದಗಿಮಠ ತಜ್ಞ ಪ್ರಶಸ್ತಿಗೆ ಭಾಜನರಾಗಿದ್ದಾರೆ. ಜಾನಪದ ಕ್ಷೇತ್ರದಲ್ಲಿ ಡಾ.ಪೋತೆ ಅವರು ಸಲ್ಲಿಸಿರುವ ಸುದೀರ್ಘ ಸೇವೆಯನ್ನು ಪರಿಗಣಿಸಿ ಈ ಪ್ರಶಸ್ತಿಗೆ ಅವರನ್ನು ಆಯ್ಕೆ ಮಾಡಲಾಗಿದೆ ಎಂದು ಅಕಾಡೆಮಿಯ ರಿಜಿಸ್ಟ್ರಾರ್ ತಿಳಿಸಿದ್ದಾರೆ. ಪ್ರಶಸ್ತಿ ಪ್ರದಾನ ಸಮಾರಂಭ ಫೆ.27 ರಂದು ಬೆಳಿಗ್ಗೆ 11 ಗಂಟೆಗೆ ಬೆಂಗಳೂರಿನ ಜೆ.ಸಿ.ರಸ್ತೆಯ ರವೀಂದ್ರ ಕಲಾಕ್ಷೇತ್ರದಲ್ಲಿ ಆಯೋಜಿಸಲಾಗಿದ್ದು, ಕನ್ನಡ ಮತ್ತು ಸಂಸ್ಕೃತಿ ಇಲಾಖೆ ಸಚಿವರು,ಶಾಸಕರು, ಲೋಕಸಭಾ ಸದಸ್ಯರು ಹಾಗೂ ಗಣ್ಯರು ಉಪಸ್ಥಿತರಿರುವರು. ಪ್ರಶಸ್ತಿ ಪುರಸ್ಕೃತರಿಗೆ 50 ಸಾವಿರ ರೂ ನಗದು ಪುರಸ್ಕಾರ ನೀಡಿ ಗೌರವಿಸಲಾಗುವುದು ಎಂದು ಅವರು ತಿಳಿಸಿದ್ದಾರೆ.
ಪ್ರಮಥವಾಣಿ.ಕಾಂ
ಕಲಬುರಗಿ: ಗುಲ್ಬರ್ಗ ವಿಶ್ವವಿದ್ಯಾಲಯದ ಕೆಮಿಸ್ಟ್ರೀ ವಿಭಾಗದ ರಾಥೋಡ್ ಪ್ರಿಯಂಕಾ ಅವರು ಈಚೆಗೆ ನಡೆದ 43ನೇ ಘಟಿಕೋತ್ಸವದಲ್ಲಿ ನಮ್ಮ ಹೆಮ್ಮೆಯ ಶ್ರೀ ರಾಣಪ್ಪ ಸಂಗೋಳಗಿಕರ್ ಸ್ಮರಣಾರ್ಥ ಗೋಲ್ಡ್ ಮೆಡಲ್ ಪಡೆದುಕೊಂಡಿದ್ದಾರೆ. ಚಿನ್ನದ ಪದಕದ ಪ್ರಾಯೋಜಕರಾದ ಡಾ. ಬಿ.ಎಸ್. ಸುಧಾಕರ ಇದ್ದರು.
